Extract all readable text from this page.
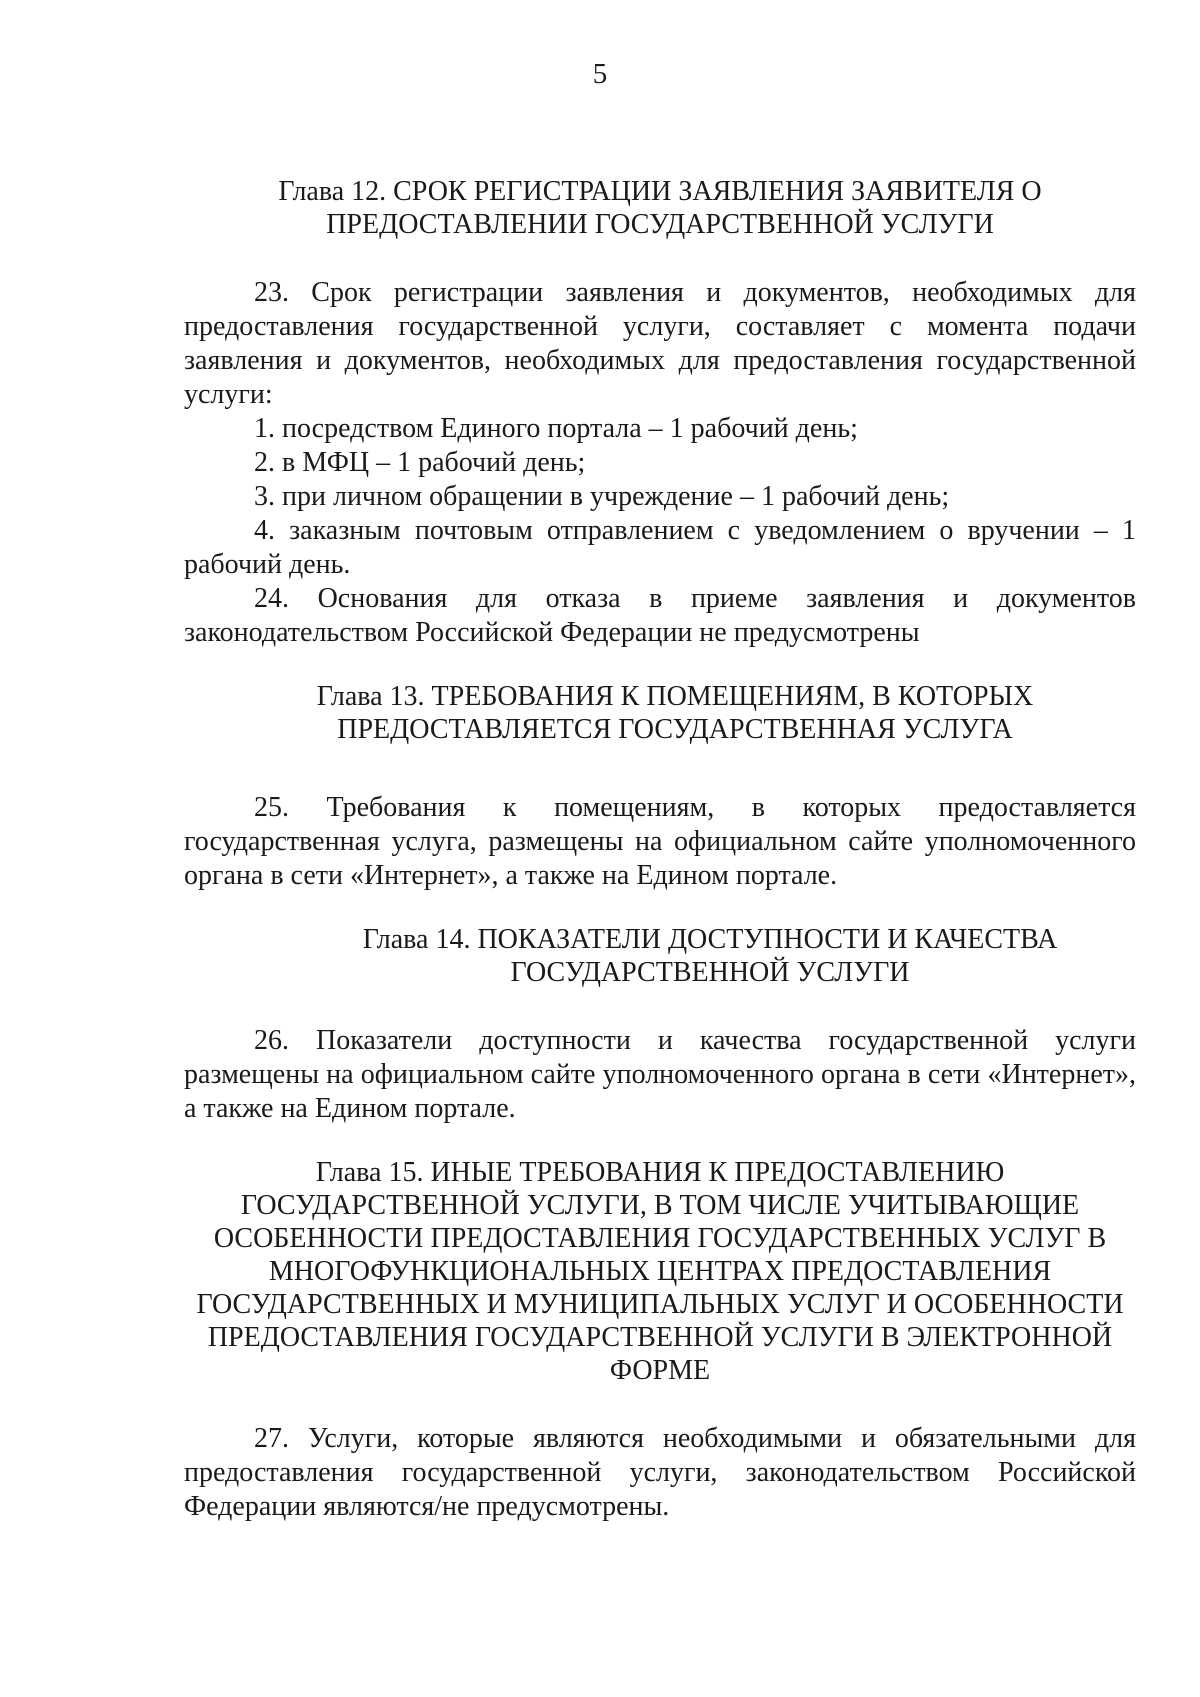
5
Глава 12. СРОК РЕГИСТРАЦИИ ЗАЯВЛЕНИЯ ЗАЯВИТЕЛЯ О
ПРЕДОСТАВЛЕНИИ ГОСУДАРСТВЕННОЙ УСЛУГИ

23. Срок регистрации заявления и документов, необходимых для предоставления государственной услуги, составляет с момента подачи заявления и документов, необходимых для предоставления государственной услуги:

1. посредством Единого портала – 1 рабочий день;

2. в МФЦ – 1 рабочий день;

3. при личном обращении в учреждение – 1 рабочий день;

4. заказным почтовым отправлением с уведомлением о вручении – 1 рабочий день.

24. Основания для отказа в приеме заявления и документов законодательством Российской Федерации не предусмотрены

Глава 13. ТРЕБОВАНИЯ К ПОМЕЩЕНИЯМ, В КОТОРЫХ
ПРЕДОСТАВЛЯЕТСЯ ГОСУДАРСТВЕННАЯ УСЛУГА

25. Требования к помещениям, в которых предоставляется государственная услуга, размещены на официальном сайте уполномоченного органа в сети «Интернет», а также на Едином портале.

Глава 14. ПОКАЗАТЕЛИ ДОСТУПНОСТИ И КАЧЕСТВА
ГОСУДАРСТВЕННОЙ УСЛУГИ

26. Показатели доступности и качества государственной услуги размещены на официальном сайте уполномоченного органа в сети «Интернет», а также на Едином портале.

Глава 15. ИНЫЕ ТРЕБОВАНИЯ К ПРЕДОСТАВЛЕНИЮ
ГОСУДАРСТВЕННОЙ УСЛУГИ, В ТОМ ЧИСЛЕ УЧИТЫВАЮЩИЕ
ОСОБЕННОСТИ ПРЕДОСТАВЛЕНИЯ ГОСУДАРСТВЕННЫХ УСЛУГ В
МНОГОФУНКЦИОНАЛЬНЫХ ЦЕНТРАХ ПРЕДОСТАВЛЕНИЯ
ГОСУДАРСТВЕННЫХ И МУНИЦИПАЛЬНЫХ УСЛУГ И ОСОБЕННОСТИ
ПРЕДОСТАВЛЕНИЯ ГОСУДАРСТВЕННОЙ УСЛУГИ В ЭЛЕКТРОННОЙ
ФОРМЕ

27. Услуги, которые являются необходимыми и обязательными для предоставления государственной услуги, законодательством Российской Федерации являются/не предусмотрены.
